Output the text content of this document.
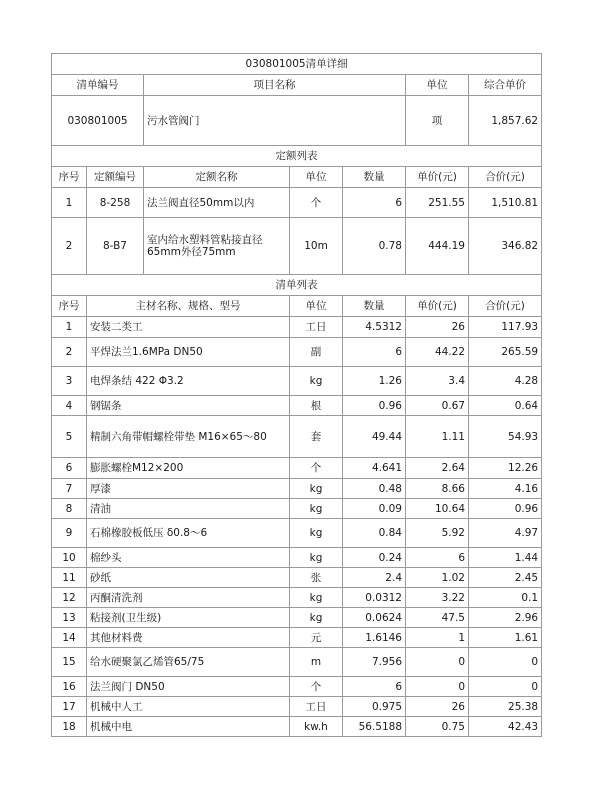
030801005清单详细						
清单编号		项目名称			单位	综合单价
030801005		污水管阀门			项	1,857.62
定额列表						
序号	定额编号	定额名称	单位	数量	单价(元)	合价(元)
1	8-258	法兰阀直径50mm以内	个	6	251.55	1,510.81
2	8-B7	室内给水塑料管粘接直径65mm外径75mm	10m	0.78	444.19	346.82
清单列表						
序号	主材名称、规格、型号		单位	数量	单价(元)	合价(元)
1	安装二类工		工日	4.5312	26	117.93
2	平焊法兰1.6MPa DN50		副	6	44.22	265.59
3	电焊条结 422 Φ3.2		kg	1.26	3.4	4.28
4	钢锯条		根	0.96	0.67	0.64
5	精制六角带帽螺栓带垫 M16×65～80		套	49.44	1.11	54.93
6	膨胀螺栓M12×200		个	4.641	2.64	12.26
7	厚漆		kg	0.48	8.66	4.16
8	清油		kg	0.09	10.64	0.96
9	石棉橡胶板低压 δ0.8～6		kg	0.84	5.92	4.97
10	棉纱头		kg	0.24	6	1.44
11	砂纸		张	2.4	1.02	2.45
12	丙酮清洗剂		kg	0.0312	3.22	0.1
13	粘接剂(卫生级)		kg	0.0624	47.5	2.96
14	其他材料费		元	1.6146	1	1.61
15	给水硬聚氯乙烯管65/75		m	7.956	0	0
16	法兰阀门 DN50		个	6	0	0
17	机械中人工		工日	0.975	26	25.38
18	机械中电		kw.h	56.5188	0.75	42.43
